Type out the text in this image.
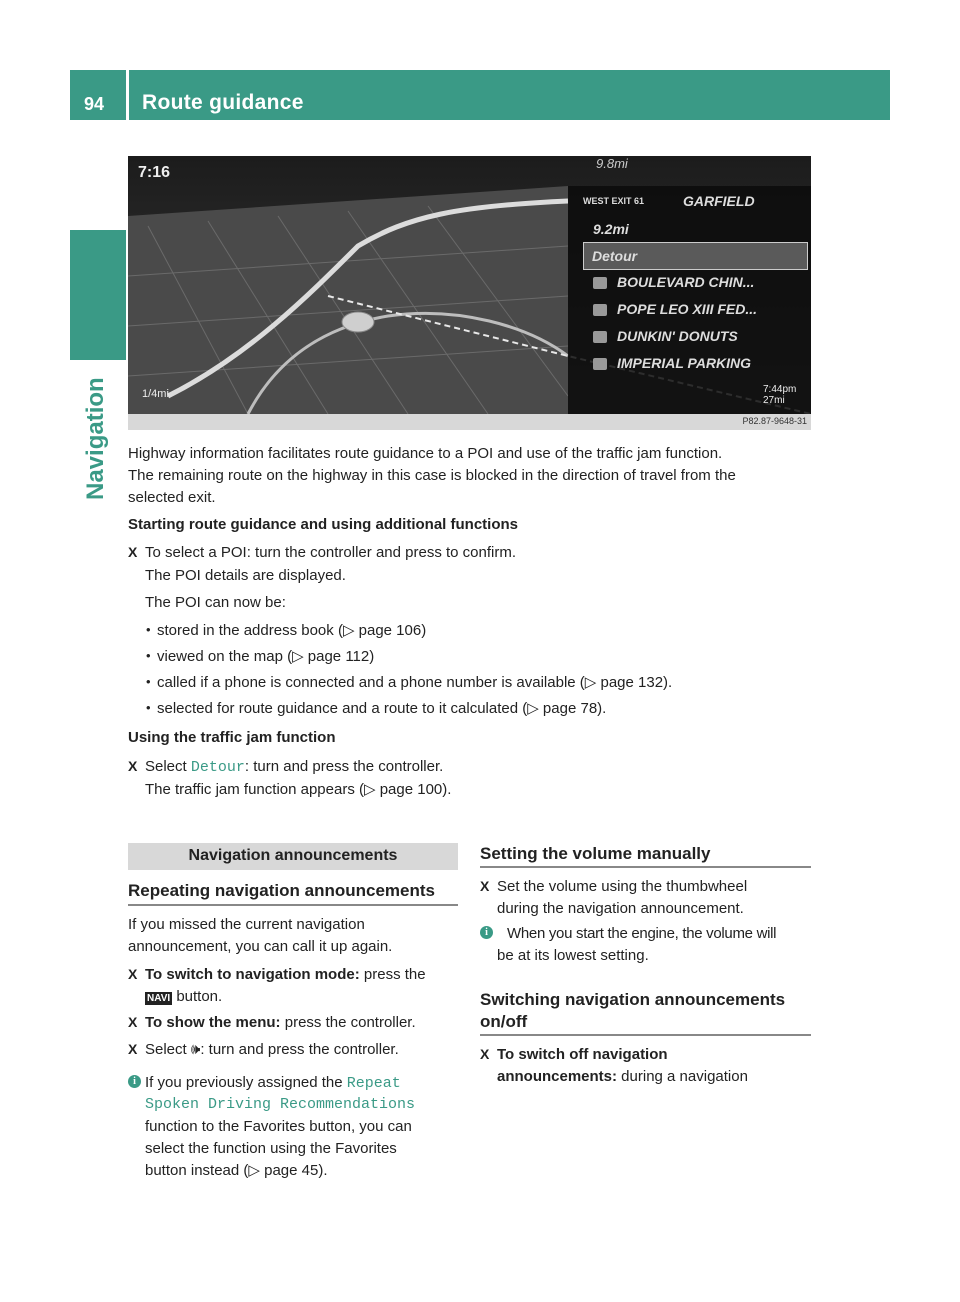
94 Route guidance
Navigation
7:16
1/4mi
9.8mi
WEST EXIT 61	GARFIELD
9.2mi
Detour
BOULEVARD CHIN...
POPE LEO XIII FED...
DUNKIN' DONUTS
IMPERIAL PARKING
7:44pm
27mi
P82.87-9648-31
Highway information facilitates route guidance to a POI and use of the traffic jam function.
The remaining route on the highway in this case is blocked in the direction of travel from the
selected exit.
Starting route guidance and using additional functions
X To select a POI: turn the controller and press to confirm.
The POI details are displayed.
The POI can now be:
• stored in the address book (▷ page 106)
• viewed on the map (▷ page 112)
• called if a phone is connected and a phone number is available (▷ page 132).
• selected for route guidance and a route to it calculated (▷ page 78).
Using the traffic jam function
X Select Detour: turn and press the controller.
The traffic jam function appears (▷ page 100).
Navigation announcements
Repeating navigation announcements
If you missed the current navigation
announcement, you can call it up again.
X To switch to navigation mode: press the
NAVI button.
X To show the menu: press the controller.
X Select 🕪: turn and press the controller.
i If you previously assigned the Repeat
Spoken Driving Recommendations
function to the Favorites button, you can
select the function using the Favorites
button instead (▷ page 45).
Setting the volume manually
X Set the volume using the thumbwheel
during the navigation announcement.
i	When you start the engine, the volume will
be at its lowest setting.
Switching navigation announcements
on/off
X To switch off navigation
announcements: during a navigation
